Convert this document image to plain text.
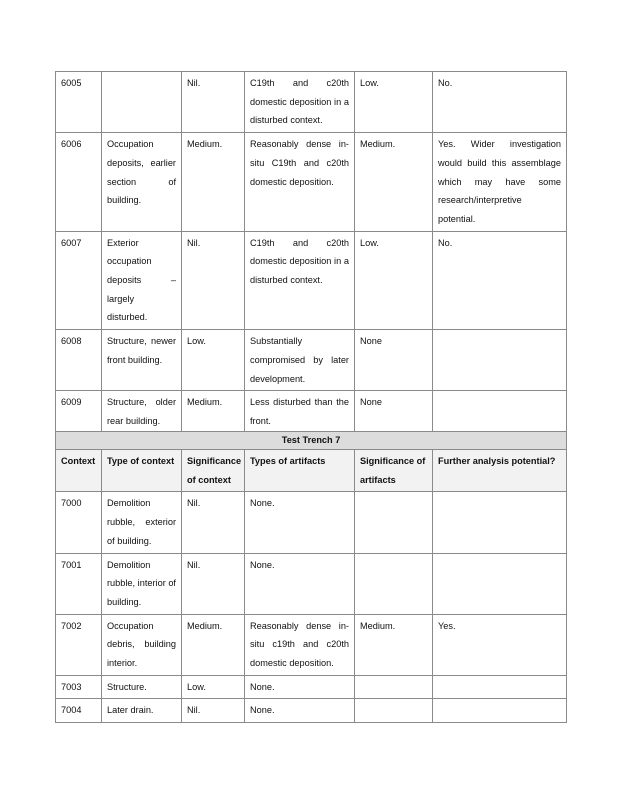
6005		Nil.	C19th and c20th domestic deposition in a disturbed context.	Low.	No.
6006	Occupation deposits, earlier section of building.	Medium.	Reasonably dense in-situ C19th and c20th domestic deposition.	Medium.	Yes. Wider investigation would build this assemblage which may have some research/interpretive potential.
6007	Exterior occupation deposits – largely disturbed.	Nil.	C19th and c20th domestic deposition in a disturbed context.	Low.	No.
6008	Structure, newer front building.	Low.	Substantially compromised by later development.	None	
6009	Structure, older rear building.	Medium.	Less disturbed than the front.	None	
Test Trench 7					
Context	Type of context	Significance of context	Types of artifacts	Significance of artifacts	Further analysis potential?
7000	Demolition rubble, exterior of building.	Nil.	None.		
7001	Demolition rubble, interior of building.	Nil.	None.		
7002	Occupation debris, building interior.	Medium.	Reasonably dense in-situ c19th and c20th domestic deposition.	Medium.	Yes.
7003	Structure.	Low.	None.		
7004	Later drain.	Nil.	None.		
